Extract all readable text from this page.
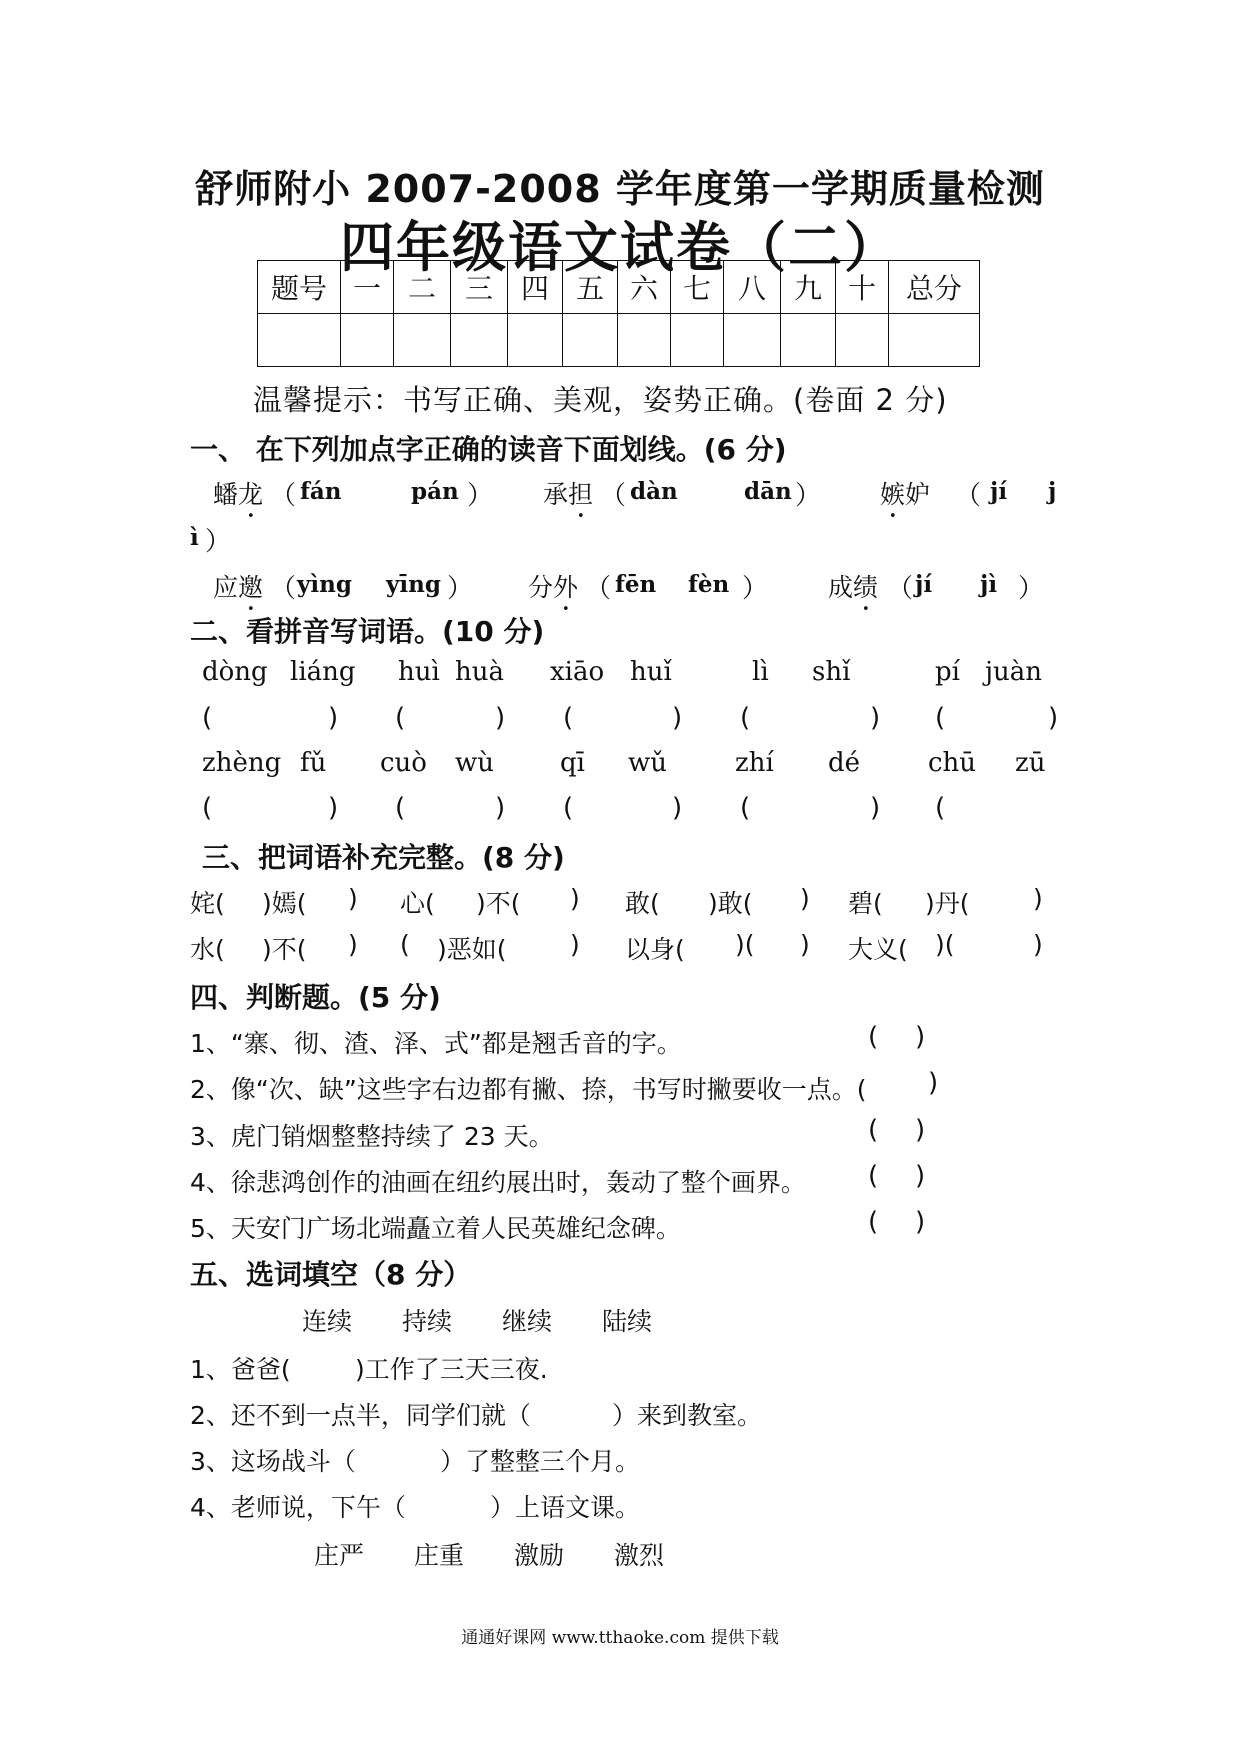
舒师附小 2007-2008 学年度第一学期质量检测
四年级语文试卷（二）
题号	一	二	三	四	五	六	七	八	九	十	总分

温馨提示：书写正确、美观，姿势正确。(卷面 2 分)
一、 在下列加点字正确的读音下面划线。(6 分)
蟠龙 （ fán	pán ） 承担 （ dàn	dān ） 嫉妒 （ jí j
ì ）
应邀 （ yìng yīng ） 分外 （ fēn fèn ） 成绩 （ jí jì ）
二、看拼音写词语。(10 分)
dòng liáng huì huà xiāo huǐ	lì shǐ	pí juàn
(	) (	) (	) (	) (	)
zhèng fǔ cuò wù	qī wǔ	zhí dé	chū zū
(	) (	) (	) (	) (
三、把词语补充完整。(8 分)
姹( )嫣( ) 心( )不( ) 敢( )敢( ) 碧( )丹(	)
水( )不( ) ( )恶如(	) 以身( )( ) 大义( )(	)
四、判断题。(5 分)
1、“寨、彻、渣、泽、式”都是翘舌音的字。	( )
2、像“次、缺”这些字右边都有撇、捺，书写时撇要收一点。( )
3、虎门销烟整整持续了 23 天。	( )
4、徐悲鸿创作的油画在纽约展出时，轰动了整个画界。 ( )
5、天安门广场北端矗立着人民英雄纪念碑。	( )
五、选词填空（8 分）
连续 持续 继续 陆续
1、爸爸(	)工作了三天三夜.
2、还不到一点半，同学们就（	）来到教室。
3、这场战斗（	）了整整三个月。
4、老师说，下午（	）上语文课。
庄严 庄重 激励 激烈
通通好课网 www.tthaoke.com 提供下载
